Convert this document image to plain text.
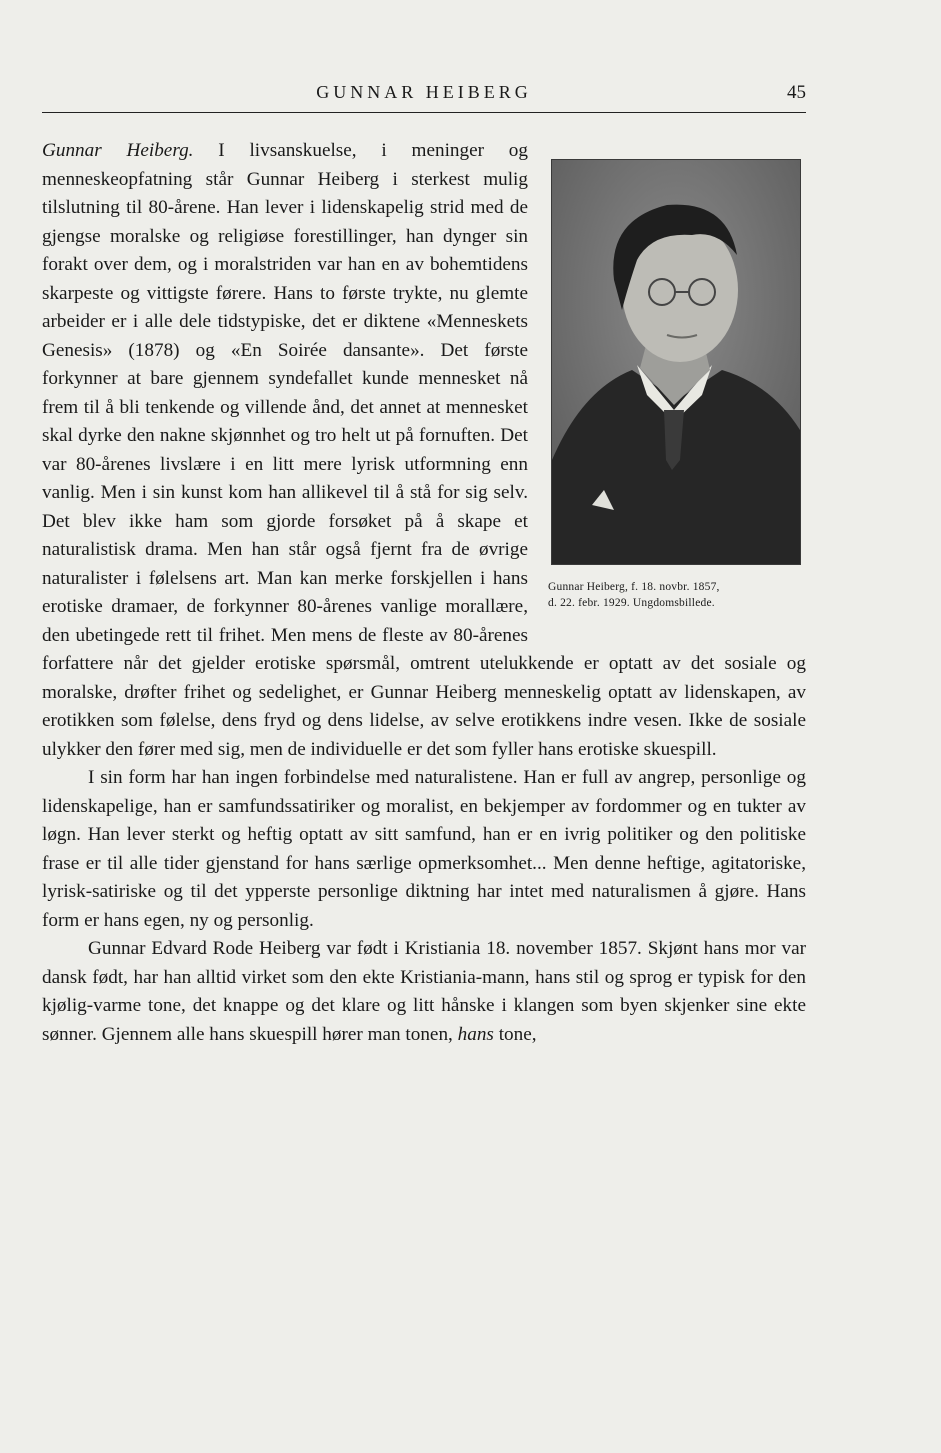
GUNNAR HEIBERG	45
Gunnar Heiberg, f. 18. novbr. 1857,
d. 22. febr. 1929. Ungdomsbillede.

Gunnar Heiberg. I livsanskuelse, i meninger og menneskeopfatning står Gunnar Heiberg i sterkest mulig tilslutning til 80-årene. Han lever i lidenskapelig strid med de gjengse moralske og religiøse forestillinger, han dynger sin forakt over dem, og i moralstriden var han en av bohemtidens skarpeste og vittigste førere. Hans to første trykte, nu glemte arbeider er i alle dele tidstypiske, det er diktene «Menneskets Genesis» (1878) og «En Soirée dansante». Det første forkynner at bare gjennem syndefallet kunde mennesket nå frem til å bli tenkende og villende ånd, det annet at mennesket skal dyrke den nakne skjønnhet og tro helt ut på fornuften. Det var 80-årenes livslære i en litt mere lyrisk utformning enn vanlig. Men i sin kunst kom han allikevel til å stå for sig selv. Det blev ikke ham som gjorde forsøket på å skape et naturalistisk drama. Men han står også fjernt fra de øvrige naturalister i følelsens art. Man kan merke forskjellen i hans erotiske dramaer, de forkynner 80-årenes vanlige morallære, den ubetingede rett til frihet. Men mens de fleste av 80-årenes forfattere når det gjelder erotiske spørsmål, omtrent utelukkende er optatt av det sosiale og moralske, drøfter frihet og sedelighet, er Gunnar Heiberg menneskelig optatt av lidenskapen, av erotikken som følelse, dens fryd og dens lidelse, av selve erotikkens indre vesen. Ikke de sosiale ulykker den fører med sig, men de individuelle er det som fyller hans erotiske skuespill.

I sin form har han ingen forbindelse med naturalistene. Han er full av angrep, personlige og lidenskapelige, han er samfundssatiriker og moralist, en bekjemper av fordommer og en tukter av løgn. Han lever sterkt og heftig optatt av sitt samfund, han er en ivrig politiker og den politiske frase er til alle tider gjenstand for hans særlige opmerksomhet... Men denne heftige, agitatoriske, lyrisk-satiriske og til det ypperste personlige diktning har intet med naturalismen å gjøre. Hans form er hans egen, ny og personlig.

Gunnar Edvard Rode Heiberg var født i Kristiania 18. november 1857. Skjønt hans mor var dansk født, har han alltid virket som den ekte Kristiania-mann, hans stil og sprog er typisk for den kjølig-varme tone, det knappe og det klare og litt hånske i klangen som byen skjenker sine ekte sønner. Gjennem alle hans skuespill hører man tonen, hans tone,
